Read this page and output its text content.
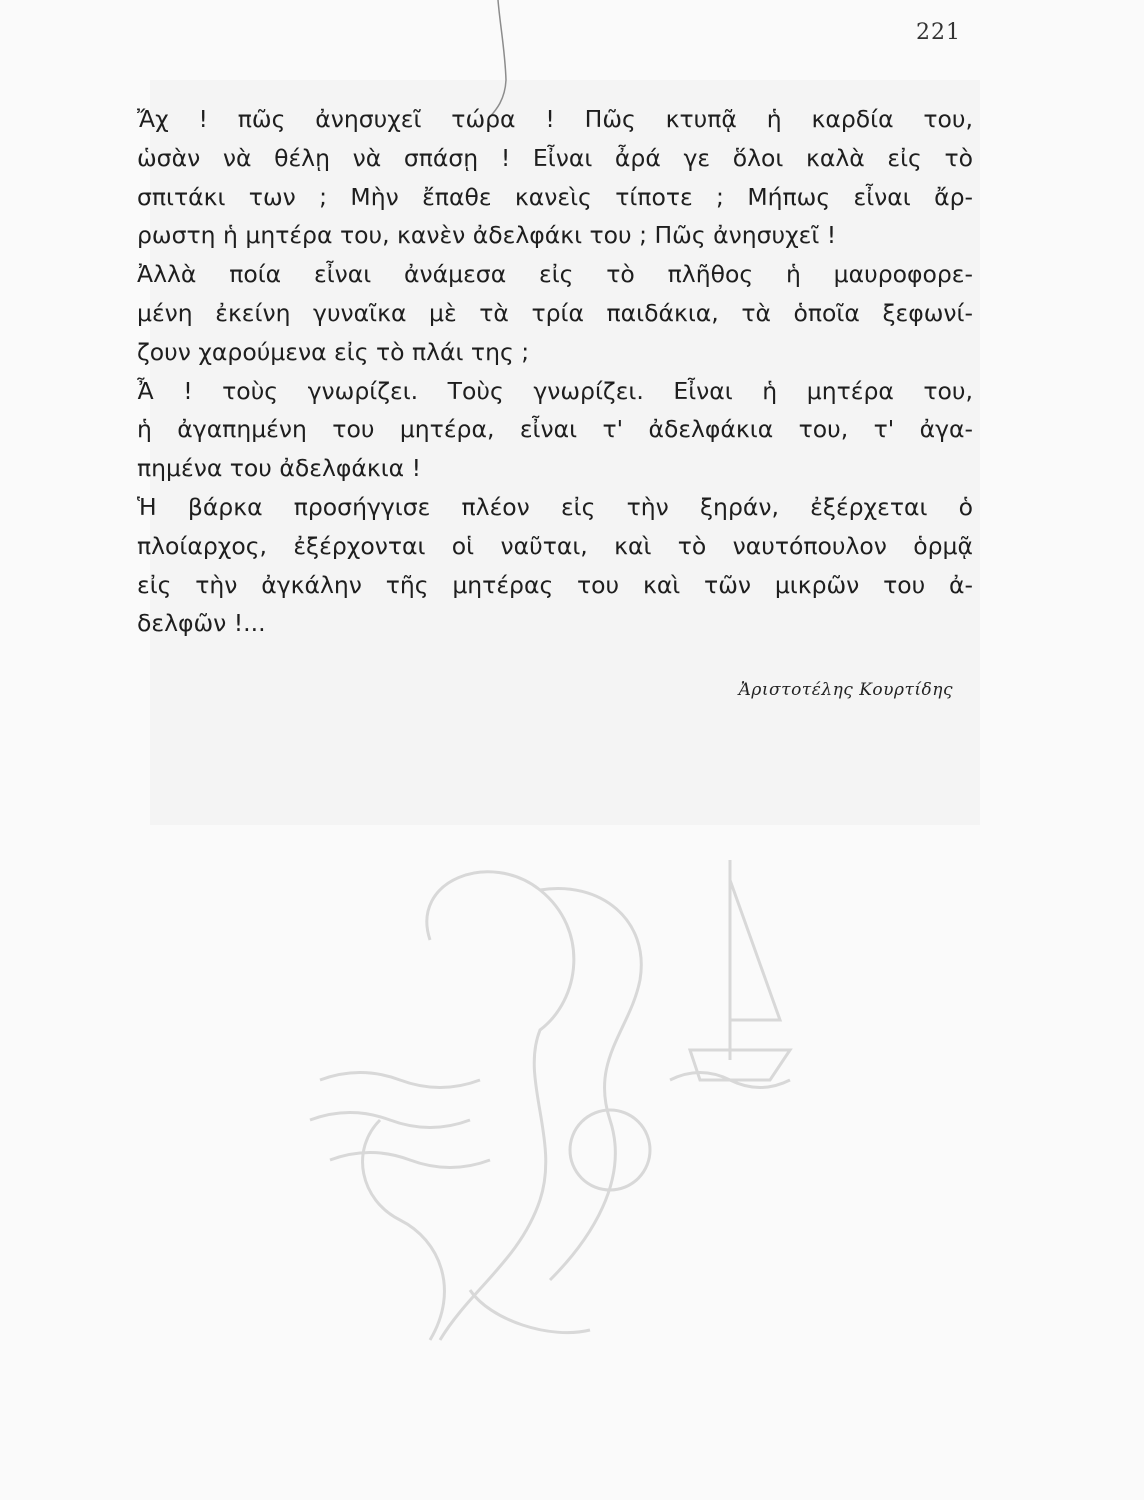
221
Ἄχ ! πῶς ἀνησυχεῖ τώρα ! Πῶς κτυπᾷ ἡ καρδία του,
ὡσὰν νὰ θέλῃ νὰ σπάσῃ ! Εἶναι ἆρά γε ὅλοι καλὰ εἰς τὸ
σπιτάκι των ; Μὴν ἔπαθε κανεὶς τίποτε ; Μήπως εἶναι ἄρ-
ρωστη ἡ μητέρα του, κανὲν ἀδελφάκι του ; Πῶς ἀνησυχεῖ !
Ἀλλὰ ποία εἶναι ἀνάμεσα εἰς τὸ πλῆθος ἡ μαυροφορε-
μένη ἐκείνη γυναῖκα μὲ τὰ τρία παιδάκια, τὰ ὁποῖα ξεφωνί-
ζουν χαρούμενα εἰς τὸ πλάι της ;
Ἆ ! τοὺς γνωρίζει. Τοὺς γνωρίζει. Εἶναι ἡ μητέρα του,
ἡ ἀγαπημένη του μητέρα, εἶναι τ' ἀδελφάκια του, τ' ἀγα-
πημένα του ἀδελφάκια !
Ἡ βάρκα προσήγγισε πλέον εἰς τὴν ξηράν, ἐξέρχεται ὁ
πλοίαρχος, ἐξέρχονται οἱ ναῦται, καὶ τὸ ναυτόπουλον ὁρμᾷ
εἰς τὴν ἀγκάλην τῆς μητέρας του καὶ τῶν μικρῶν του ἀ-
δελφῶν !...
Ἀριστοτέλης Κουρτίδης
